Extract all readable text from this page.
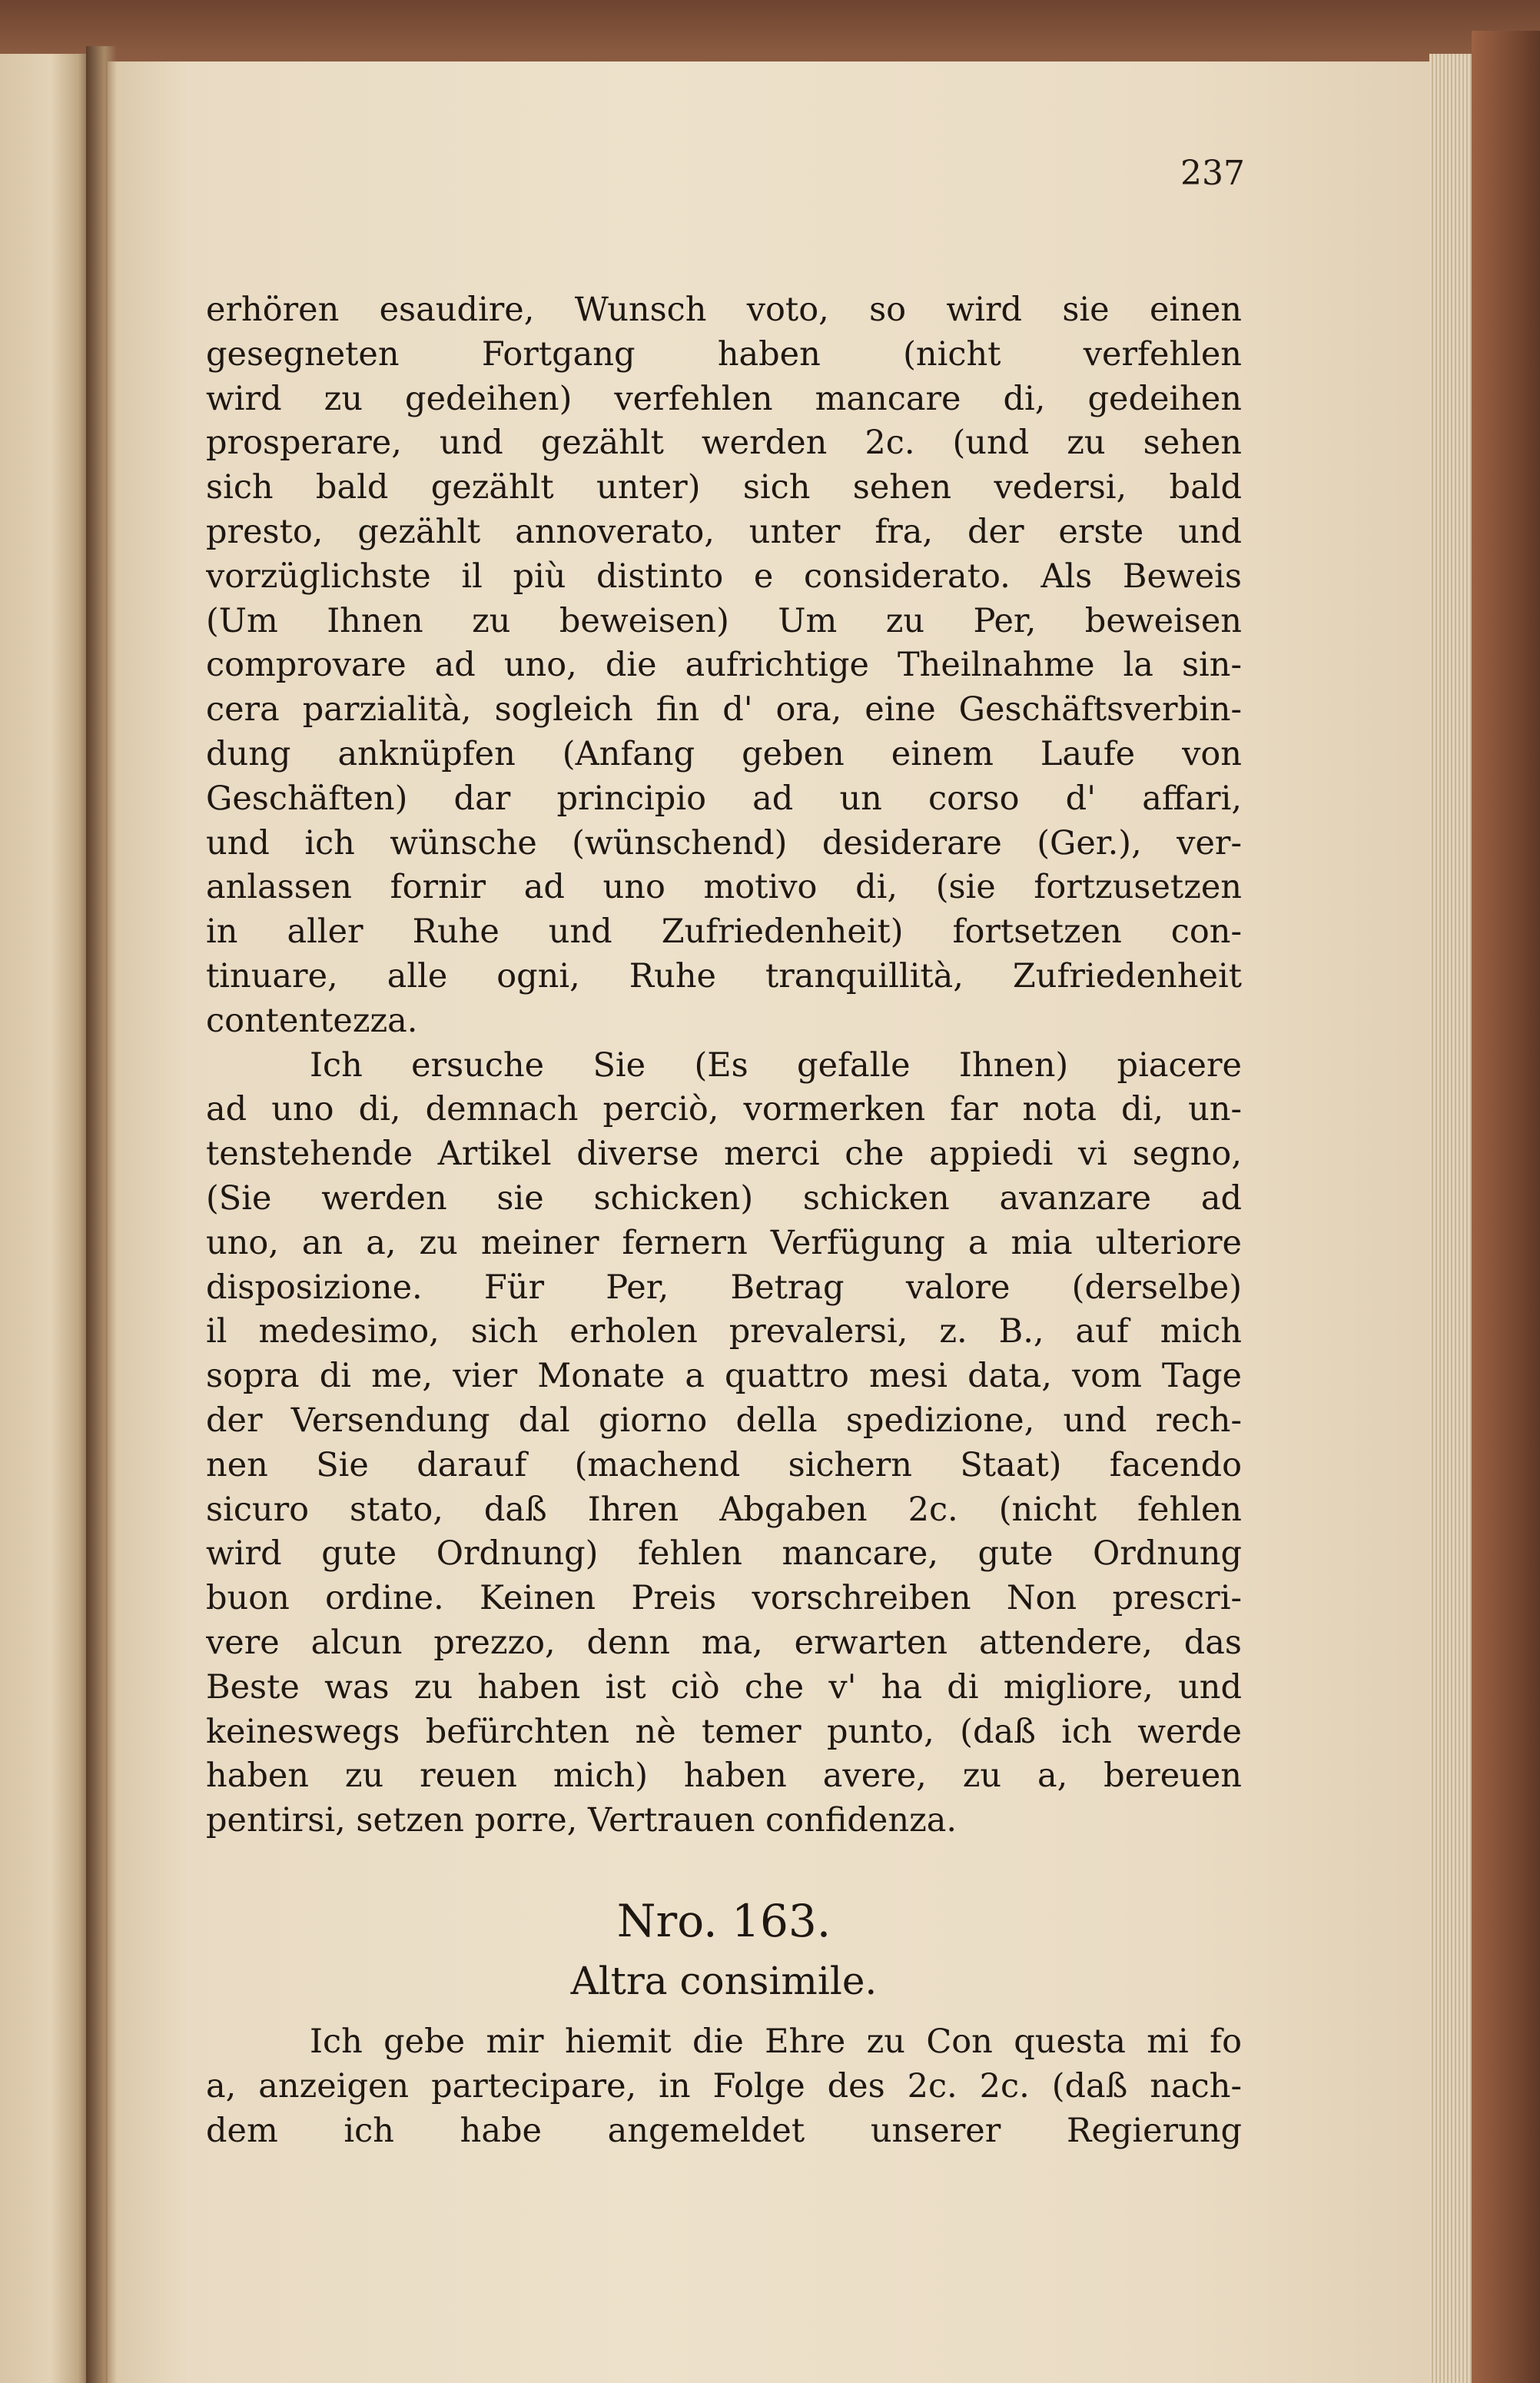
237
erhören esaudire, Wunsch voto, so wird sie einen
gesegneten Fortgang haben (nicht verfehlen
wird zu gedeihen) verfehlen mancare di, gedeihen
prosperare, und gezählt werden 2c. (und zu sehen
sich bald gezählt unter) sich sehen vedersi, bald
presto, gezählt annoverato, unter fra, der erste und
vorzüglichste il più distinto e considerato. Als Beweis
(Um Ihnen zu beweisen) Um zu Per, beweisen
comprovare ad uno, die aufrichtige Theilnahme la sin-
cera parzialità, sogleich fin d' ora, eine Geschäftsverbin-
dung anknüpfen (Anfang geben einem Laufe von
Geschäften) dar principio ad un corso d' affari,
und ich wünsche (wünschend) desiderare (Ger.), ver-
anlassen fornir ad uno motivo di, (sie fortzusetzen
in aller Ruhe und Zufriedenheit) fortsetzen con-
tinuare, alle ogni, Ruhe tranquillità, Zufriedenheit
contentezza.
Ich ersuche Sie (Es gefalle Ihnen) piacere
ad uno di, demnach perciò, vormerken far nota di, un-
tenstehende Artikel diverse merci che appiedi vi segno,
(Sie werden sie schicken) schicken avanzare ad
uno, an a, zu meiner fernern Verfügung a mia ulteriore
disposizione. Für Per, Betrag valore (derselbe)
il medesimo, sich erholen prevalersi, z. B., auf mich
sopra di me, vier Monate a quattro mesi data, vom Tage
der Versendung dal giorno della spedizione, und rech-
nen Sie darauf (machend sichern Staat) facendo
sicuro stato, daß Ihren Abgaben 2c. (nicht fehlen
wird gute Ordnung) fehlen mancare, gute Ordnung
buon ordine. Keinen Preis vorschreiben Non prescri-
vere alcun prezzo, denn ma, erwarten attendere, das
Beste was zu haben ist ciò che v' ha di migliore, und
keineswegs befürchten nè temer punto, (daß ich werde
haben zu reuen mich) haben avere, zu a, bereuen
pentirsi, setzen porre, Vertrauen confidenza.
Nro. 163.
Altra consimile.
Ich gebe mir hiemit die Ehre zu Con questa mi fo
a, anzeigen partecipare, in Folge des 2c. 2c. (daß nach-
dem ich habe angemeldet unserer Regierung
